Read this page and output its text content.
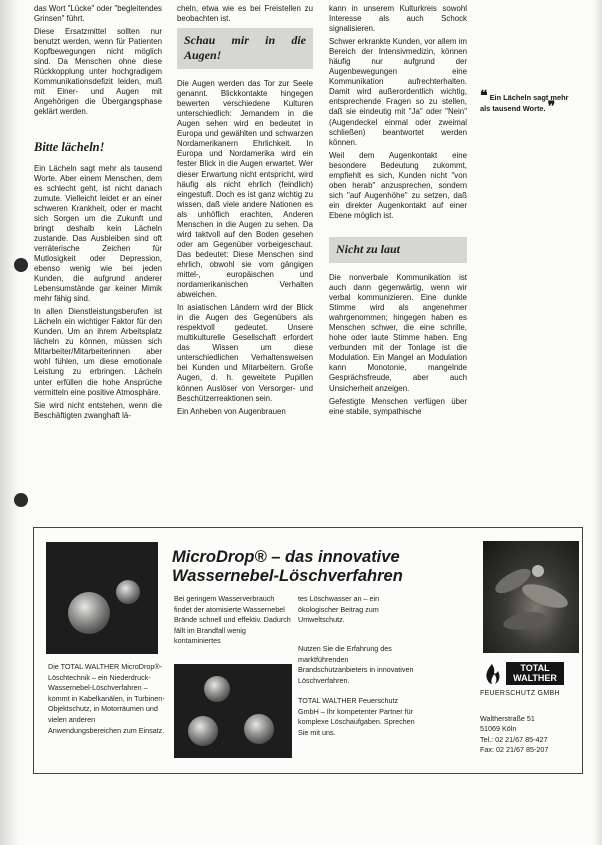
das Wort "Lücke" oder "begleitendes Grinsen" führt.

Diese Ersatzmittel sollten nur benutzt werden, wenn für Patienten Kopfbewegungen nicht möglich sind. Da Menschen ohne diese Rückkopplung unter hochgradigem Kommunikationsdefizit leiden, muß mit Einer- und Augen mit Angehörigen die Übergangsphase geklärt werden.

Bitte lächeln!

Ein Lächeln sagt mehr als tausend Worte. Aber einem Menschen, dem es schlecht geht, ist nicht danach zumute. Vielleicht leidet er an einer schweren Krankheit, oder er macht sich Sorgen um die Zukunft und bringt deshalb kein Lächeln zustande. Das Ausbleiben sind oft verräterische Zeichen für Mutlosigkeit oder Depression, ebenso wenig wie bei jeden Kunden, die aufgrund anderer Lebensumstände gar keiner Mimik mehr fähig sind.

In allen Dienstleistungsberufen ist Lächeln ein wichtiger Faktor für den Kunden. Um an ihrem Arbeitsplatz lächeln zu können, müssen sich Mitarbeiter/Mitarbeiterinnen aber wohl fühlen, um diese emotionale Leistung zu erbringen. Lächeln unter erfüllen die hohe Ansprüche vermitteln eine positive Atmosphäre.

Sie wird nicht entstehen, wenn die Beschäftigten zwanghaft lä-

cheln, etwa wie es bei Freistellen zu beobachten ist.

Schau mir in die Augen!

Die Augen werden das Tor zur Seele genannt. Blickkontakte hingegen bewerten verschiedene Kulturen unterschiedlich: Jemandem in die Augen sehen wird en bedeutet in Europa und gewählten und schwarzen Nordamerikanern Ehrlichkeit. In Europa und Nordamerika wird ein fester Blick in die Augen erwartet. Wer dieser Erwartung nicht entspricht, wird häufig als nicht ehrlich (feindlich) eingestuft. Doch es ist ganz wichtig zu wissen, daß viele andere Nationen es als unhöflich erachten, Anderen Menschen in die Augen zu sehen. Da wird taktvoll auf den Boden gesehen oder am Gegenüber vorbeigeschaut. Das bedeutet: Diese Menschen sind ehrlich, obwohl sie vom gängigen mittel-, europäischen und nordamerikanischen Verhalten abweichen.

In asiatischen Ländern wird der Blick in die Augen des Gegenübers als respektvoll gedeutet. Unsere multikulturelle Gesellschaft erfordert das Wissen um diese unterschiedlichen Verhaltensweisen bei Kunden und Mitarbeitern. Große Augen, d. h. geweitete Pupillen können Auslöser von Versorger- und Beschützerreaktionen sein.

Ein Anheben von Augenbrauen

kann in unserem Kulturkreis sowohl Interesse als auch Schock signalisieren.

Schwer erkrankte Kunden, vor allem im Bereich der Intensivmedizin, können häufig nur aufgrund der Augenbewegungen eine Kommunikation aufrechterhalten. Damit wird außerordentlich wichtig, entsprechende Fragen so zu stellen, daß sie eindeutig mit "Ja" oder "Nein" (Augendeckel einmal oder zweimal schließen) beantwortet werden können.

Weil dem Augenkontakt eine besondere Bedeutung zukommt, empfiehlt es sich, Kunden nicht "von oben herab" anzusprechen, sondern sich "auf Augenhöhe" zu setzen, daß ein direkter Augenkontakt auf einer Ebene möglich ist.

Nicht zu laut

Die nonverbale Kommunikation ist auch dann gegenwärtig, wenn wir verbal kommunizieren. Eine dunkle Stimme wird als angenehmer wahrgenommen; hingegen haben es Menschen schwer, die eine schrille, hohe oder laute Stimme haben. Eng verbunden mit der Tonlage ist die Modulation. Ein Mangel an Modulation kann Monotonie, mangelnde Gesprächsfreude, aber auch Unsicherheit anzeigen.

Gefestigte Menschen verfügen über eine stabile, sympathische

❝ Ein Lächeln sagt mehr als tausend Worte. ❞
MicroDrop® – das innovative
Wassernebel-Löschverfahren
Die TOTAL WALTHER MicroDrop®-Löschtechnik – ein Niederdruck-Wassernebel-Löschverfahren – kommt in Kabelkanälen, in Turbinen-Objektschutz, in Motorräumen und vielen anderen Anwendungsbereichen zum Einsatz.
Bei geringem Wasserverbrauch findet der atomisierte Wassernebel Brände schnell und effektiv. Dadurch fällt im Brandfall wenig kontaminiertes
tes Löschwasser an – ein ökologischer Beitrag zum Umweltschutz.
Nutzen Sie die Erfahrung des marktführenden Brandschutzanbieters in innovativen Löschverfahren.
TOTAL WALTHER Feuerschutz GmbH – Ihr kompetenter Partner für komplexe Löschaufgaben. Sprechen Sie mit uns.
TOTAL
WALTHER
FEUERSCHUTZ GMBH
Waltherstraße 51
51069 Köln
Tel.: 02 21/67 85-427
Fax: 02 21/67 85-207
